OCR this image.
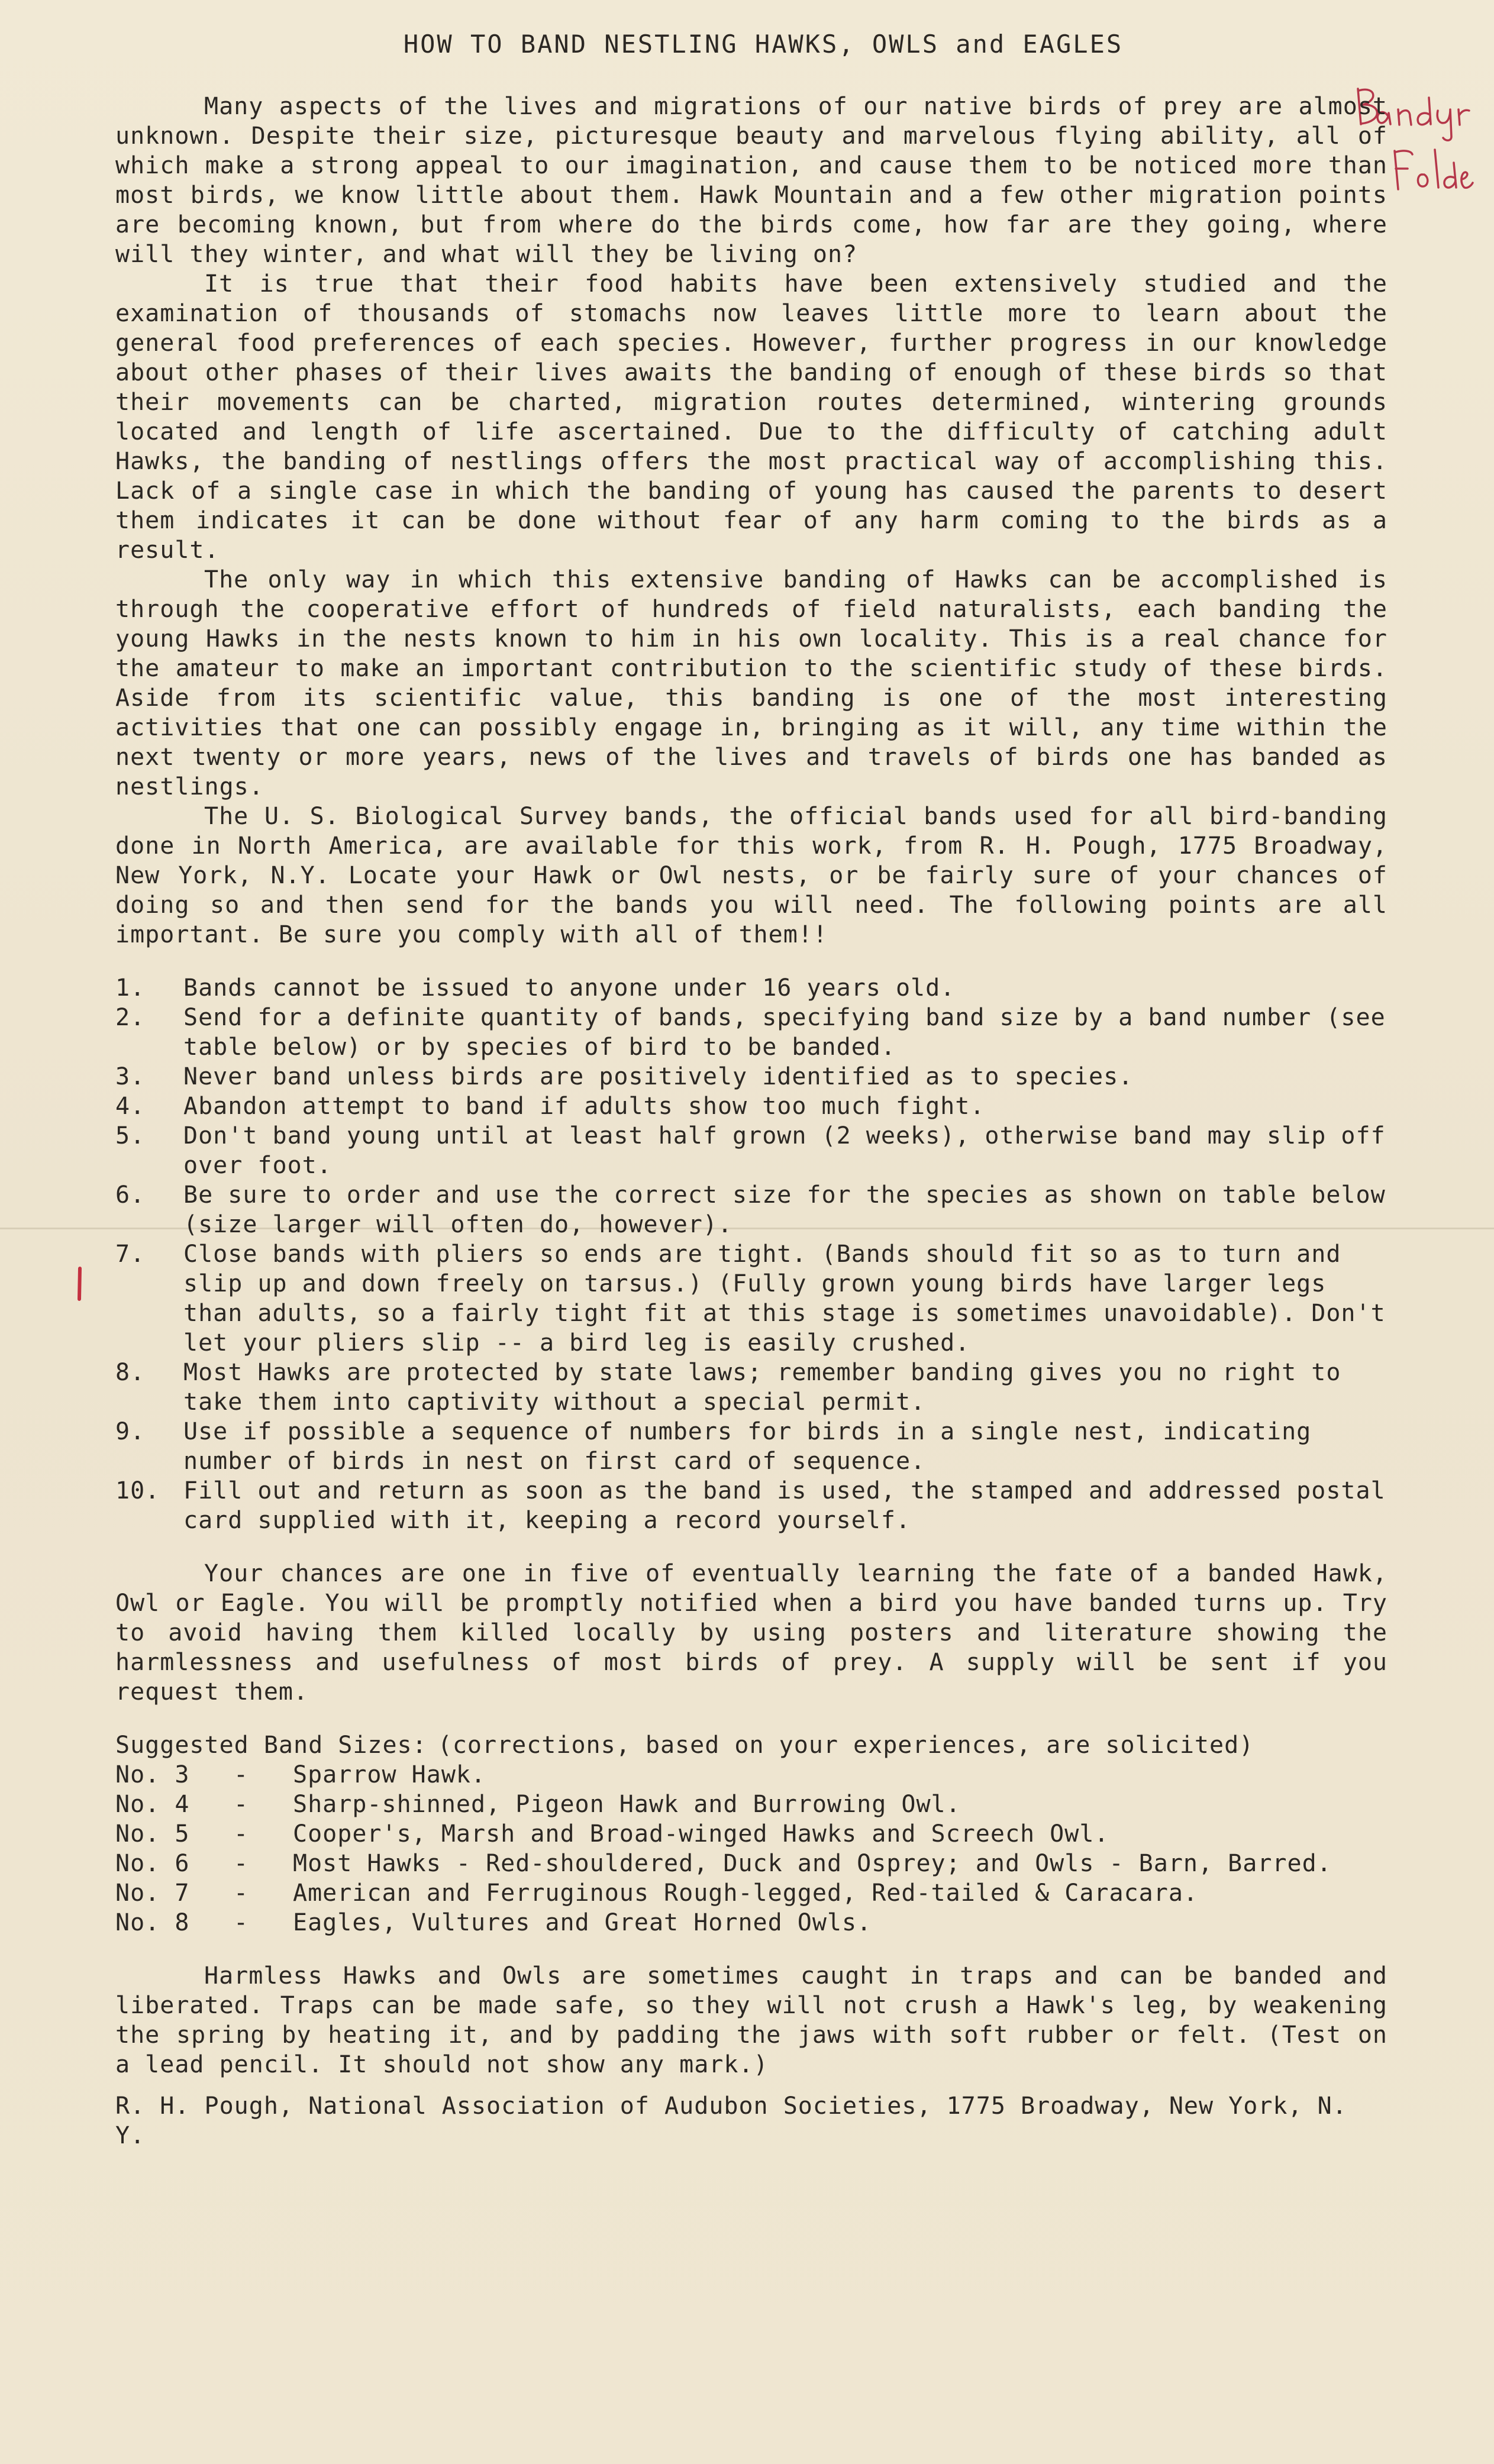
HOW TO BAND NESTLING HAWKS, OWLS and EAGLES

Many aspects of the lives and migrations of our native birds of prey are almost unknown. Despite their size, picturesque beauty and marvelous flying ability, all of which make a strong appeal to our imagination, and cause them to be noticed more than most birds, we know little about them. Hawk Mountain and a few other migration points are becoming known, but from where do the birds come, how far are they going, where will they winter, and what will they be living on?

It is true that their food habits have been extensively studied and the examination of thousands of stomachs now leaves little more to learn about the general food preferences of each species. However, further progress in our knowledge about other phases of their lives awaits the banding of enough of these birds so that their movements can be charted, migration routes determined, wintering grounds located and length of life ascertained. Due to the difficulty of catching adult Hawks, the banding of nestlings offers the most practical way of accomplishing this. Lack of a single case in which the banding of young has caused the parents to desert them indicates it can be done without fear of any harm coming to the birds as a result.

The only way in which this extensive banding of Hawks can be accomplished is through the cooperative effort of hundreds of field naturalists, each banding the young Hawks in the nests known to him in his own locality. This is a real chance for the amateur to make an important contribution to the scientific study of these birds. Aside from its scientific value, this banding is one of the most interesting activities that one can possibly engage in, bringing as it will, any time within the next twenty or more years, news of the lives and travels of birds one has banded as nestlings.

The U. S. Biological Survey bands, the official bands used for all bird-banding done in North America, are available for this work, from R. H. Pough, 1775 Broadway, New York, N.Y. Locate your Hawk or Owl nests, or be fairly sure of your chances of doing so and then send for the bands you will need. The following points are all important. Be sure you comply with all of them!!

1.	Bands cannot be issued to anyone under 16 years old.
2.	Send for a definite quantity of bands, specifying band size by a band number (see table below) or by species of bird to be banded.
3.	Never band unless birds are positively identified as to species.
4.	Abandon attempt to band if adults show too much fight.
5.	Don't band young until at least half grown (2 weeks), otherwise band may slip off over foot.
6.	Be sure to order and use the correct size for the species as shown on table below (size larger will often do, however).
7.	Close bands with pliers so ends are tight. (Bands should fit so as to turn and slip up and down freely on tarsus.) (Fully grown young birds have larger legs than adults, so a fairly tight fit at this stage is sometimes unavoidable). Don't let your pliers slip -- a bird leg is easily crushed.
8.	Most Hawks are protected by state laws; remember banding gives you no right to take them into captivity without a special permit.
9.	Use if possible a sequence of numbers for birds in a single nest, indicating number of birds in nest on first card of sequence.
10. Fill out and return as soon as the band is used, the stamped and addressed postal card supplied with it, keeping a record yourself.

Your chances are one in five of eventually learning the fate of a banded Hawk, Owl or Eagle. You will be promptly notified when a bird you have banded turns up. Try to avoid having them killed locally by using posters and literature showing the harmlessness and usefulness of most birds of prey. A supply will be sent if you request them.

Suggested Band Sizes: (corrections, based on your experiences, are solicited)
No. 3	-	Sparrow Hawk.
No. 4	-	Sharp-shinned, Pigeon Hawk and Burrowing Owl.
No. 5	-	Cooper's, Marsh and Broad-winged Hawks and Screech Owl.
No. 6	-	Most Hawks - Red-shouldered, Duck and Osprey; and Owls - Barn, Barred.
No. 7	-	American and Ferruginous Rough-legged, Red-tailed & Caracara.
No. 8	-	Eagles, Vultures and Great Horned Owls.

Harmless Hawks and Owls are sometimes caught in traps and can be banded and liberated. Traps can be made safe, so they will not crush a Hawk's leg, by weakening the spring by heating it, and by padding the jaws with soft rubber or felt. (Test on a lead pencil. It should not show any mark.)

R. H. Pough, National Association of Audubon Societies, 1775 Broadway, New York, N. Y.
